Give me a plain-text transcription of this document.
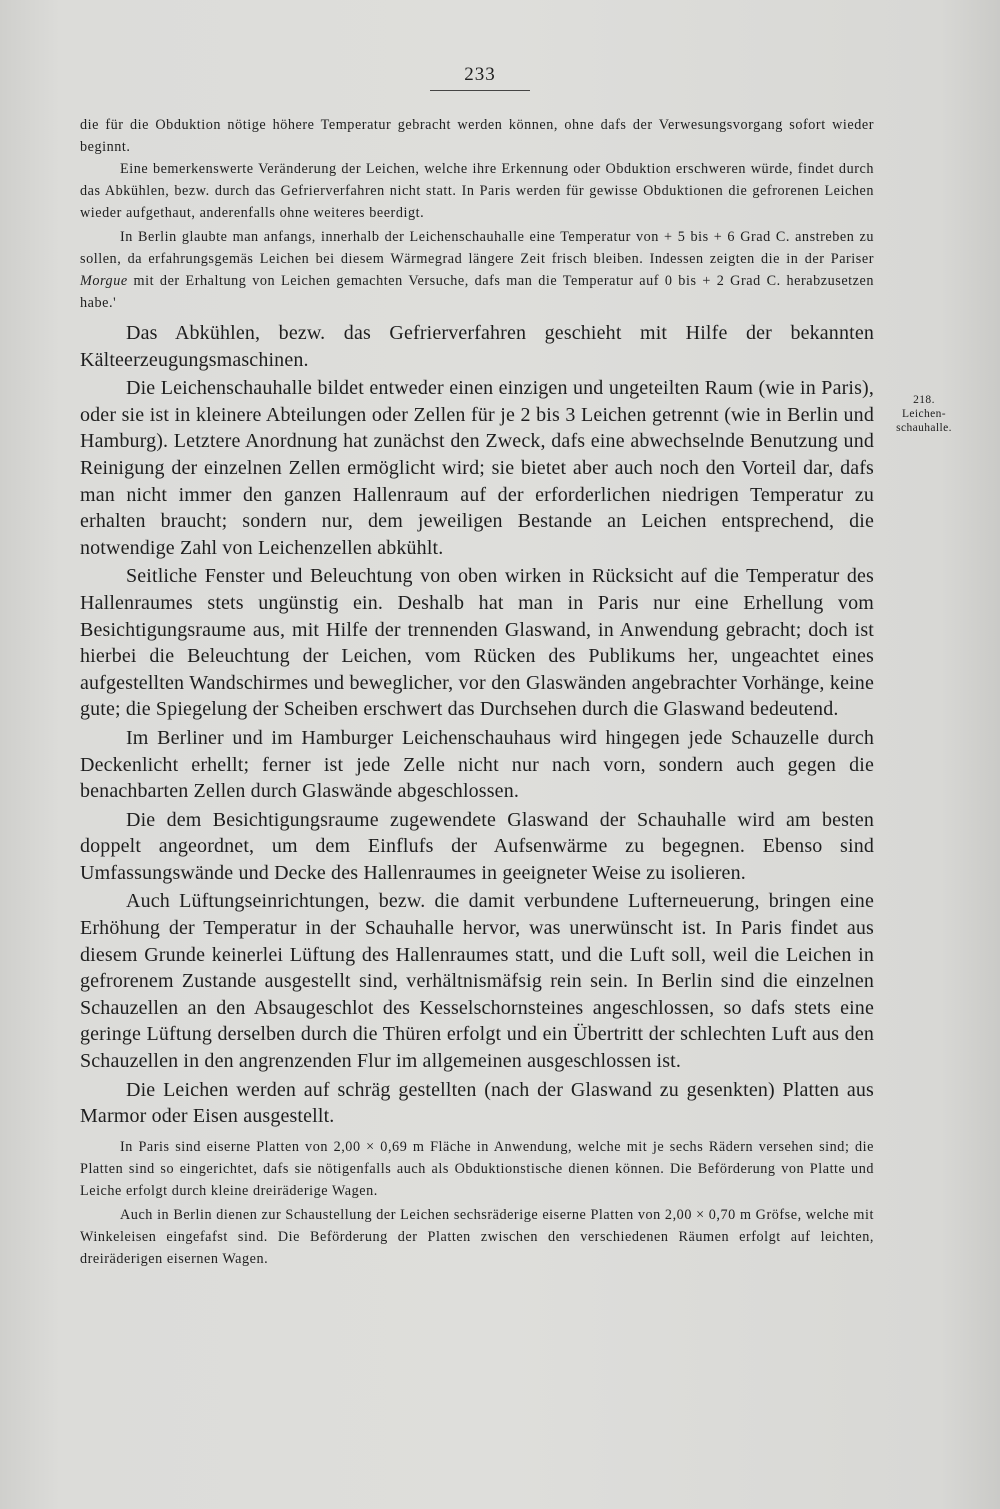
233
218.
Leichen-
schauhalle.

die für die Obduktion nötige höhere Temperatur gebracht werden können, ohne dafs der Verwesungsvorgang sofort wieder beginnt.

Eine bemerkenswerte Veränderung der Leichen, welche ihre Erkennung oder Obduktion erschweren würde, findet durch das Abkühlen, bezw. durch das Gefrierverfahren nicht statt. In Paris werden für gewisse Obduktionen die gefrorenen Leichen wieder aufgethaut, anderenfalls ohne weiteres beerdigt.

In Berlin glaubte man anfangs, innerhalb der Leichenschauhalle eine Temperatur von + 5 bis + 6 Grad C. anstreben zu sollen, da erfahrungsgemäs Leichen bei diesem Wärmegrad längere Zeit frisch bleiben. Indessen zeigten die in der Pariser Morgue mit der Erhaltung von Leichen gemachten Versuche, dafs man die Temperatur auf 0 bis + 2 Grad C. herabzusetzen habe.'

Das Abkühlen, bezw. das Gefrierverfahren geschieht mit Hilfe der bekannten Kälteerzeugungsmaschinen.

Die Leichenschauhalle bildet entweder einen einzigen und ungeteilten Raum (wie in Paris), oder sie ist in kleinere Abteilungen oder Zellen für je 2 bis 3 Leichen getrennt (wie in Berlin und Hamburg). Letztere Anordnung hat zunächst den Zweck, dafs eine abwechselnde Benutzung und Reinigung der einzelnen Zellen ermöglicht wird; sie bietet aber auch noch den Vorteil dar, dafs man nicht immer den ganzen Hallenraum auf der erforderlichen niedrigen Temperatur zu erhalten braucht; sondern nur, dem jeweiligen Bestande an Leichen entsprechend, die notwendige Zahl von Leichenzellen abkühlt.

Seitliche Fenster und Beleuchtung von oben wirken in Rücksicht auf die Temperatur des Hallenraumes stets ungünstig ein. Deshalb hat man in Paris nur eine Erhellung vom Besichtigungsraume aus, mit Hilfe der trennenden Glaswand, in Anwendung gebracht; doch ist hierbei die Beleuchtung der Leichen, vom Rücken des Publikums her, ungeachtet eines aufgestellten Wandschirmes und beweglicher, vor den Glaswänden angebrachter Vorhänge, keine gute; die Spiegelung der Scheiben erschwert das Durchsehen durch die Glaswand bedeutend.

Im Berliner und im Hamburger Leichenschauhaus wird hingegen jede Schauzelle durch Deckenlicht erhellt; ferner ist jede Zelle nicht nur nach vorn, sondern auch gegen die benachbarten Zellen durch Glaswände abgeschlossen.

Die dem Besichtigungsraume zugewendete Glaswand der Schauhalle wird am besten doppelt angeordnet, um dem Einflufs der Aufsenwärme zu begegnen. Ebenso sind Umfassungswände und Decke des Hallenraumes in geeigneter Weise zu isolieren.

Auch Lüftungseinrichtungen, bezw. die damit verbundene Lufterneuerung, bringen eine Erhöhung der Temperatur in der Schauhalle hervor, was unerwünscht ist. In Paris findet aus diesem Grunde keinerlei Lüftung des Hallenraumes statt, und die Luft soll, weil die Leichen in gefrorenem Zustande ausgestellt sind, verhältnismäfsig rein sein. In Berlin sind die einzelnen Schauzellen an den Absaugeschlot des Kesselschornsteines angeschlossen, so dafs stets eine geringe Lüftung derselben durch die Thüren erfolgt und ein Übertritt der schlechten Luft aus den Schauzellen in den angrenzenden Flur im allgemeinen ausgeschlossen ist.

Die Leichen werden auf schräg gestellten (nach der Glaswand zu gesenkten) Platten aus Marmor oder Eisen ausgestellt.

In Paris sind eiserne Platten von 2,00 × 0,69 m Fläche in Anwendung, welche mit je sechs Rädern versehen sind; die Platten sind so eingerichtet, dafs sie nötigenfalls auch als Obduktionstische dienen können. Die Beförderung von Platte und Leiche erfolgt durch kleine dreiräderige Wagen.

Auch in Berlin dienen zur Schaustellung der Leichen sechsräderige eiserne Platten von 2,00 × 0,70 m Gröfse, welche mit Winkeleisen eingefafst sind. Die Beförderung der Platten zwischen den verschiedenen Räumen erfolgt auf leichten, dreiräderigen eisernen Wagen.
